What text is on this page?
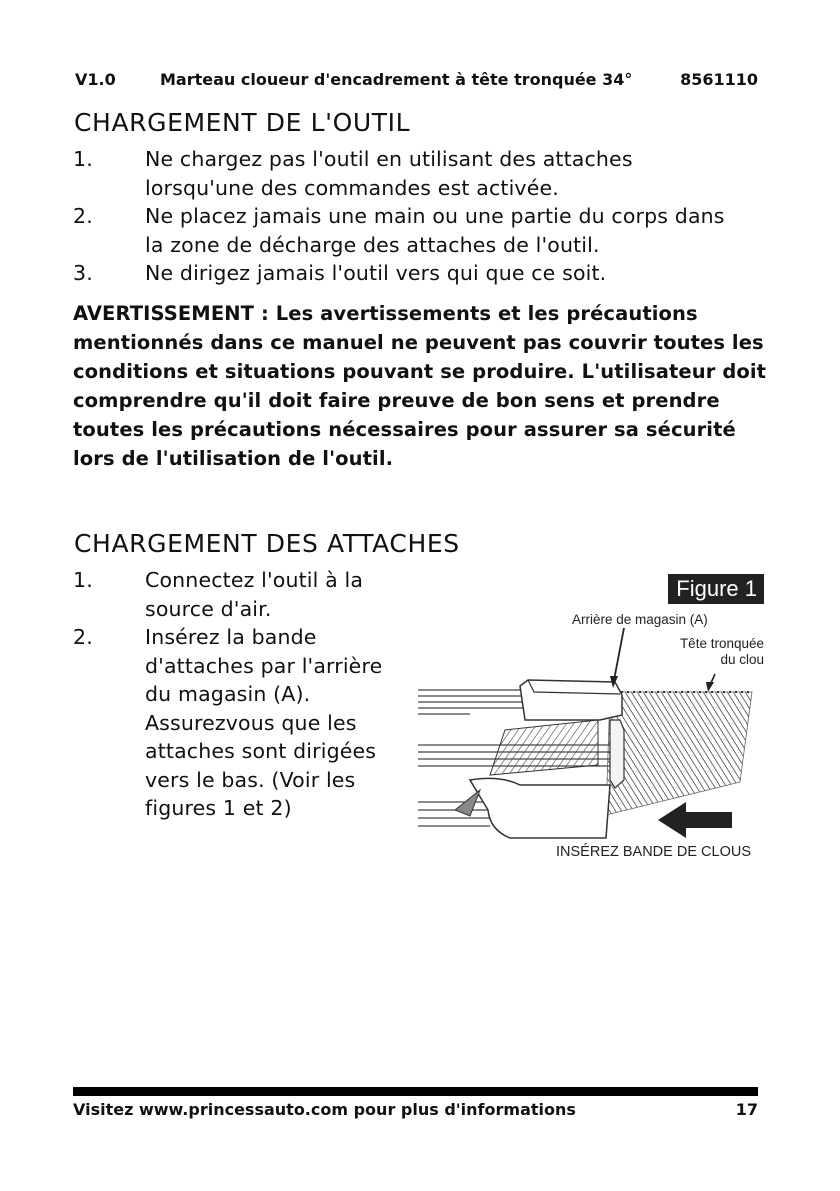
V1.0	Marteau cloueur d'encadrement à tête tronquée 34°	8561110
CHARGEMENT DE L'OUTIL
1.	Ne chargez pas l'outil en utilisant des attaches lorsqu'une des commandes est activée.
2.	Ne placez jamais une main ou une partie du corps dans la zone de décharge des attaches de l'outil.
3.	Ne dirigez jamais l'outil vers qui que ce soit.

AVERTISSEMENT : Les avertissements et les précautions mentionnés dans ce manuel ne peuvent pas couvrir toutes les conditions et situations pouvant se produire. L'utilisateur doit comprendre qu'il doit faire preuve de bon sens et prendre toutes les précautions nécessaires pour assurer sa sécurité lors de l'utilisation de l'outil.

CHARGEMENT DES ATTACHES
1.	Connectez l'outil à la source d'air.
2.	Insérez la bande d'attaches par l'arrière du magasin (A). Assurezvous que les attaches sont dirigées vers le bas. (Voir les figures 1 et 2)
Figure 1
Arrière de magasin (A)
Tête tronquée
du clou
INSÉREZ BANDE DE CLOUS
Visitez www.princessauto.com pour plus d'informations	17
